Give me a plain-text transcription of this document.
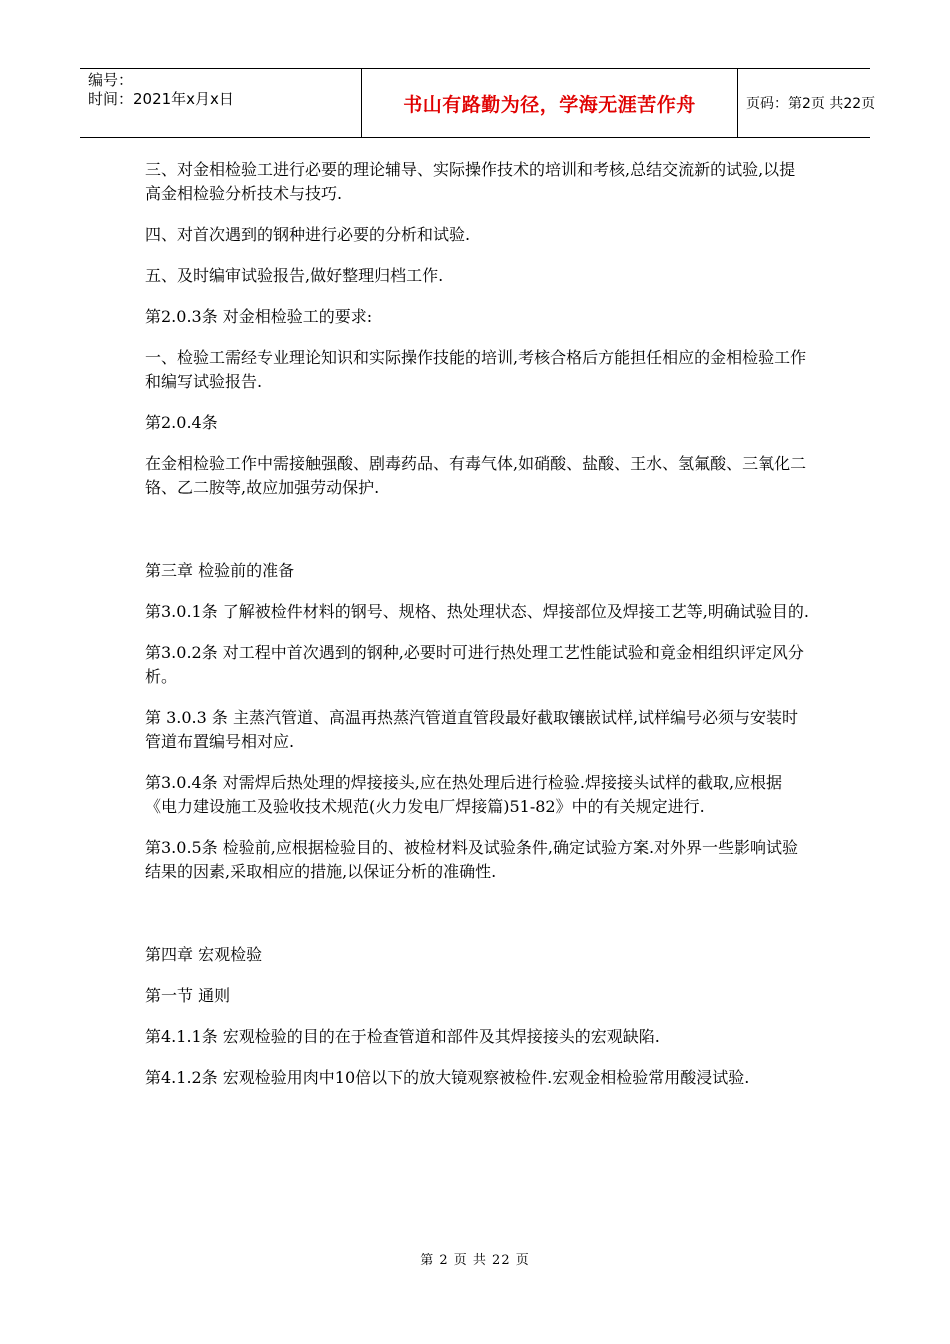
编号：
时间：2021年x月x日	书山有路勤为径，学海无涯苦作舟	页码：第2页 共22页

三、对金相检验工进行必要的理论辅导、实际操作技术的培训和考核,总结交流新的试验,以提高金相检验分析技术与技巧.

四、对首次遇到的钢种进行必要的分析和试验.

五、及时编审试验报告,做好整理归档工作.

第2.0.3条 对金相检验工的要求:

一、检验工需经专业理论知识和实际操作技能的培训,考核合格后方能担任相应的金相检验工作和编写试验报告.

第2.0.4条

在金相检验工作中需接触强酸、剧毒药品、有毒气体,如硝酸、盐酸、王水、氢氟酸、三氧化二铬、乙二胺等,故应加强劳动保护.

第三章 检验前的准备

第3.0.1条 了解被检件材料的钢号、规格、热处理状态、焊接部位及焊接工艺等,明确试验目的.

第3.0.2条 对工程中首次遇到的钢种,必要时可进行热处理工艺性能试验和竟金相组织评定风分析。

第 3.0.3 条 主蒸汽管道、高温再热蒸汽管道直管段最好截取镶嵌试样,试样编号必须与安装时管道布置编号相对应.

第3.0.4条 对需焊后热处理的焊接接头,应在热处理后进行检验.焊接接头试样的截取,应根据《电力建设施工及验收技术规范(火力发电厂焊接篇)51-82》中的有关规定进行.

第3.0.5条 检验前,应根据检验目的、被检材料及试验条件,确定试验方案.对外界一些影响试验结果的因素,采取相应的措施,以保证分析的准确性.

第四章 宏观检验

第一节 通则

第4.1.1条 宏观检验的目的在于检查管道和部件及其焊接接头的宏观缺陷.

第4.1.2条 宏观检验用肉中10倍以下的放大镜观察被检件.宏观金相检验常用酸浸试验.

第 2 页 共 22 页
